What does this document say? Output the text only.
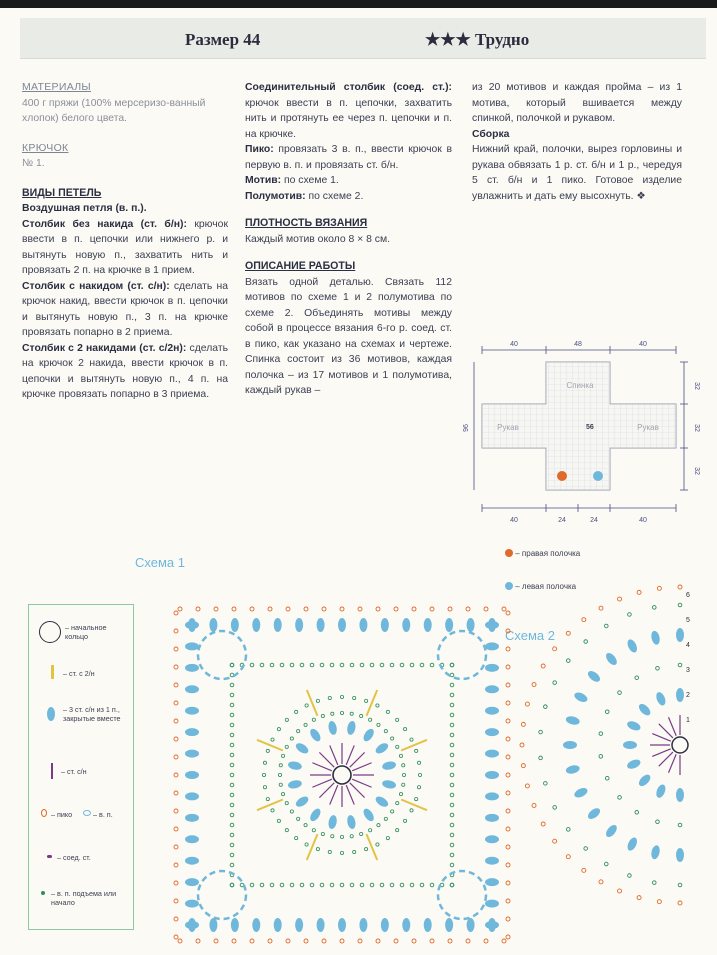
Размер 44	★★★ Трудно

МАТЕРИАЛЫ

400 г пряжи (100% мерсеризо-ванный хлопок) белого цвета.

КРЮЧОК

№ 1.

ВИДЫ ПЕТЕЛЬ

Воздушная петля (в. п.).

Столбик без накида (ст. б/н): крючок ввести в п. цепочки или нижнего р. и вытянуть новую п., захватить нить и провязать 2 п. на крючке в 1 прием.

Столбик с накидом (ст. с/н): сделать на крючок накид, ввести крючок в п. цепочки и вытянуть новую п., 3 п. на крючке провязать попарно в 2 приема.

Столбик с 2 накидами (ст. с/2н): сделать на крючок 2 накида, ввести крючок в п. цепочки и вытянуть новую п., 4 п. на крючке провязать попарно в 3 приема.

Соединительный столбик (соед. ст.): крючок ввести в п. цепочки, захватить нить и протянуть ее через п. цепочки и п. на крючке.

Пико: провязать 3 в. п., ввести крючок в первую в. п. и провязать ст. б/н.

Мотив: по схеме 1.

Полумотив: по схеме 2.

ПЛОТНОСТЬ ВЯЗАНИЯ

Каждый мотив около 8 × 8 см.

ОПИСАНИЕ РАБОТЫ

Вязать одной деталью. Связать 112 мотивов по схеме 1 и 2 полумотива по схеме 2. Объединять мотивы между собой в процессе вязания 6-го р. соед. ст. в пико, как указано на схемах и чертеже. Спинка состоит из 36 мотивов, каждая полочка – из 17 мотивов и 1 полумотива, каждый рукав –

из 20 мотивов и каждая пройма – из 1 мотива, который вшивается между спинкой, полочкой и рукавом.

Сборка

Нижний край, полочки, вырез горловины и рукава обвязать 1 р. ст. б/н и 1 р., чередуя 5 ст. б/н и 1 пико. Готовое изделие увлажнить и дать ему высохнуть. ❖

40	48	40
40	24	24	40
32
32
32
96
Спинка
Рукав	Рукав
56
– правая полочка
– левая полочка
– начальное кольцо
– ст. с 2/н
– 3 ст. с/н из 1 п., закрытые вместе
– ст. с/н
– пико	– в. п.
– соед. ст.
– в. п. подъема или начало
Схема 1
Схема 2
6
5
4
3
2
1
